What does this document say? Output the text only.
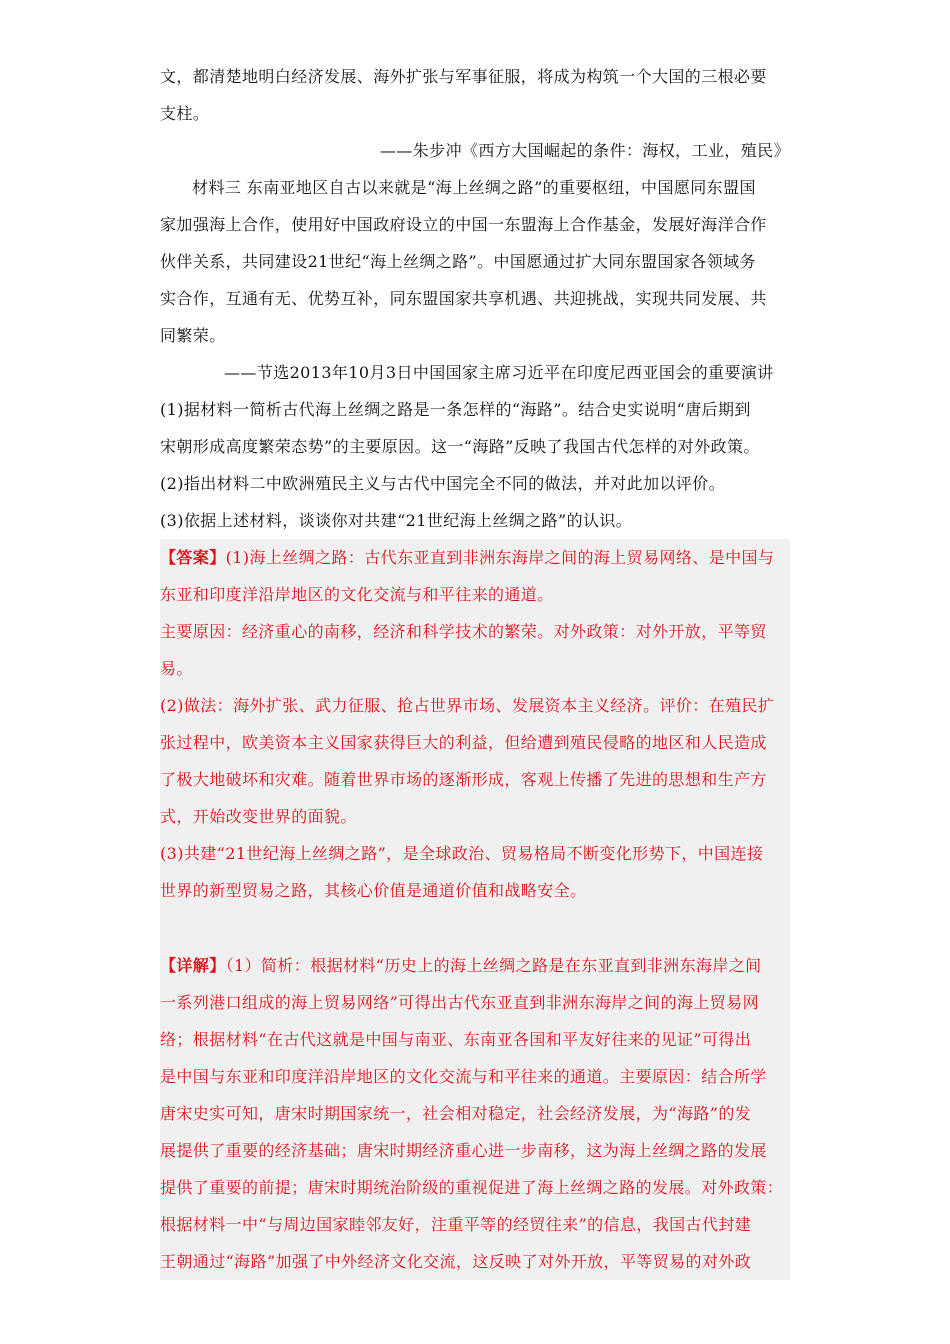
文，都清楚地明白经济发展、海外扩张与军事征服，将成为构筑一个大国的三根必要
支柱。
——朱步冲《西方大国崛起的条件：海权，工业，殖民》
材料三 东南亚地区自古以来就是“海上丝绸之路”的重要枢纽，中国愿同东盟国
家加强海上合作，使用好中国政府设立的中国一东盟海上合作基金，发展好海洋合作
伙伴关系，共同建设21世纪“海上丝绸之路”。中国愿通过扩大同东盟国家各领域务
实合作，互通有无、优势互补，同东盟国家共享机遇、共迎挑战，实现共同发展、共
同繁荣。
——节选2013年10月3日中国国家主席习近平在印度尼西亚国会的重要演讲
(1)据材料一简析古代海上丝绸之路是一条怎样的“海路”。结合史实说明“唐后期到
宋朝形成高度繁荣态势”的主要原因。这一“海路”反映了我国古代怎样的对外政策。
(2)指出材料二中欧洲殖民主义与古代中国完全不同的做法，并对此加以评价。
(3)依据上述材料，谈谈你对共建“21世纪海上丝绸之路”的认识。
【答案】(1)海上丝绸之路：古代东亚直到非洲东海岸之间的海上贸易网络、是中国与
东亚和印度洋沿岸地区的文化交流与和平往来的通道。
主要原因：经济重心的南移，经济和科学技术的繁荣。对外政策：对外开放，平等贸
易。
(2)做法：海外扩张、武力征服、抢占世界市场、发展资本主义经济。评价：在殖民扩
张过程中，欧美资本主义国家获得巨大的利益，但给遭到殖民侵略的地区和人民造成
了极大地破坏和灾难。随着世界市场的逐渐形成，客观上传播了先进的思想和生产方
式，开始改变世界的面貌。
(3)共建“21世纪海上丝绸之路”，是全球政治、贸易格局不断变化形势下，中国连接
世界的新型贸易之路，其核心价值是通道价值和战略安全。
【详解】（1）简析：根据材料“历史上的海上丝绸之路是在东亚直到非洲东海岸之间
一系列港口组成的海上贸易网络”可得出古代东亚直到非洲东海岸之间的海上贸易网
络；根据材料“在古代这就是中国与南亚、东南亚各国和平友好往来的见证”可得出
是中国与东亚和印度洋沿岸地区的文化交流与和平往来的通道。主要原因：结合所学
唐宋史实可知，唐宋时期国家统一，社会相对稳定，社会经济发展，为“海路”的发
展提供了重要的经济基础；唐宋时期经济重心进一步南移，这为海上丝绸之路的发展
提供了重要的前提；唐宋时期统治阶级的重视促进了海上丝绸之路的发展。对外政策：
根据材料一中“与周边国家睦邻友好，注重平等的经贸往来”的信息，我国古代封建
王朝通过“海路”加强了中外经济文化交流，这反映了对外开放，平等贸易的对外政
